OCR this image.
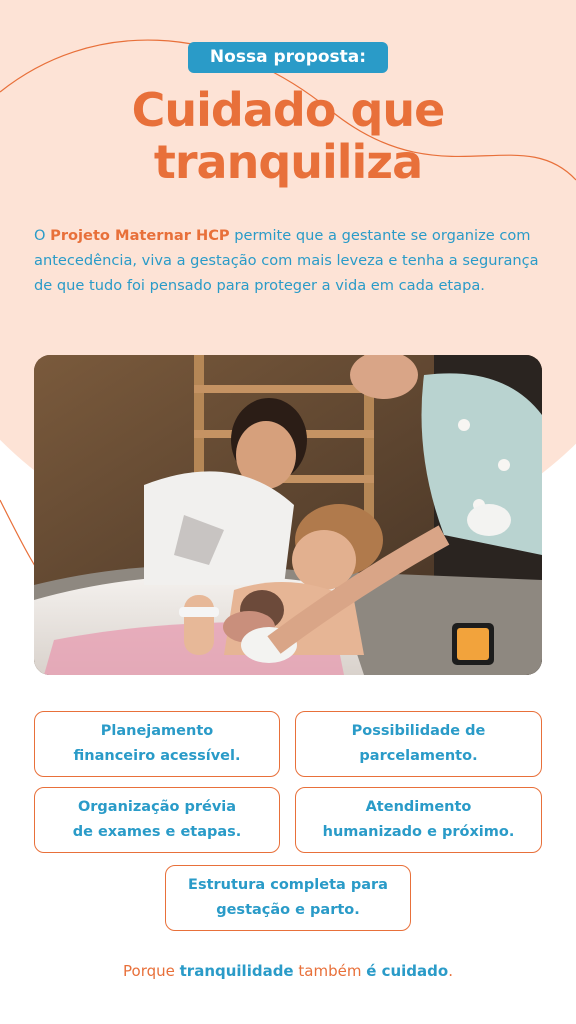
Nossa proposta:
Cuidado que
tranquiliza
O Projeto Maternar HCP permite que a gestante se organize com antecedência, viva a gestação com mais leveza e tenha a segurança de que tudo foi pensado para proteger a vida em cada etapa.
Planejamento
financeiro acessível.
Possibilidade de
parcelamento.
Organização prévia
de exames e etapas.
Atendimento
humanizado e próximo.
Estrutura completa para
gestação e parto.
Porque tranquilidade também é cuidado.
